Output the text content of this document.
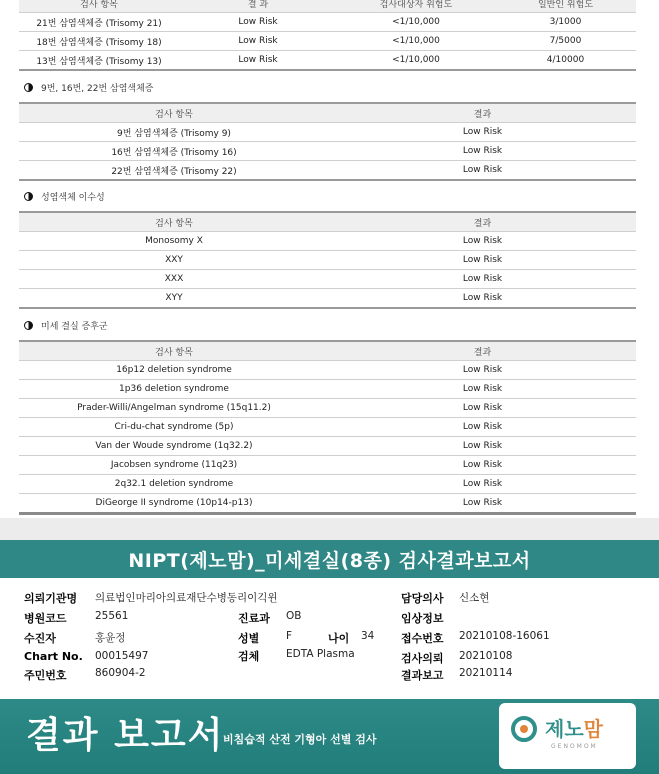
검사 항목	결 과	검사대상자 위험도	일반인 위험도
21번 삼염색체증 (Trisomy 21)	Low Risk	<1/10,000	3/1000
18번 삼염색체증 (Trisomy 18)	Low Risk	<1/10,000	7/5000
13번 삼염색체증 (Trisomy 13)	Low Risk	<1/10,000	4/10000
9번, 16번, 22번 삼염색체증
검사 항목	결과
9번 삼염색체증 (Trisomy 9)	Low Risk
16번 삼염색체증 (Trisomy 16)	Low Risk
22번 삼염색체증 (Trisomy 22)	Low Risk
성염색체 이수성
검사 항목	결과
Monosomy X	Low Risk
XXY	Low Risk
XXX	Low Risk
XYY	Low Risk
미세 결실 증후군
검사 항목	결과
16p12 deletion syndrome	Low Risk
1p36 deletion syndrome	Low Risk
Prader-Willi/Angelman syndrome (15q11.2)	Low Risk
Cri-du-chat syndrome (5p)	Low Risk
Van der Woude syndrome (1q32.2)	Low Risk
Jacobsen syndrome (11q23)	Low Risk
2q32.1 deletion syndrome	Low Risk
DiGeorge II syndrome (10p14-p13)	Low Risk
NIPT(제노맘)_미세결실(8종) 검사결과보고서
의뢰기관명 의료법인마리아의료재단수병동리이긱윈
병원코드	25561	진료과 OB
수진자	홍윤정	성별	F	나이 34
Chart No. 00015497	검체	EDTA Plasma
주민번호	860904-2
담당의사 신소현
임상정보
접수번호 20210108-16061
검사의뢰 20210108
결과보고 20210114
결과 보고서
비침습적 산전 기형아 선별 검사	제노맘
GENOMOM
